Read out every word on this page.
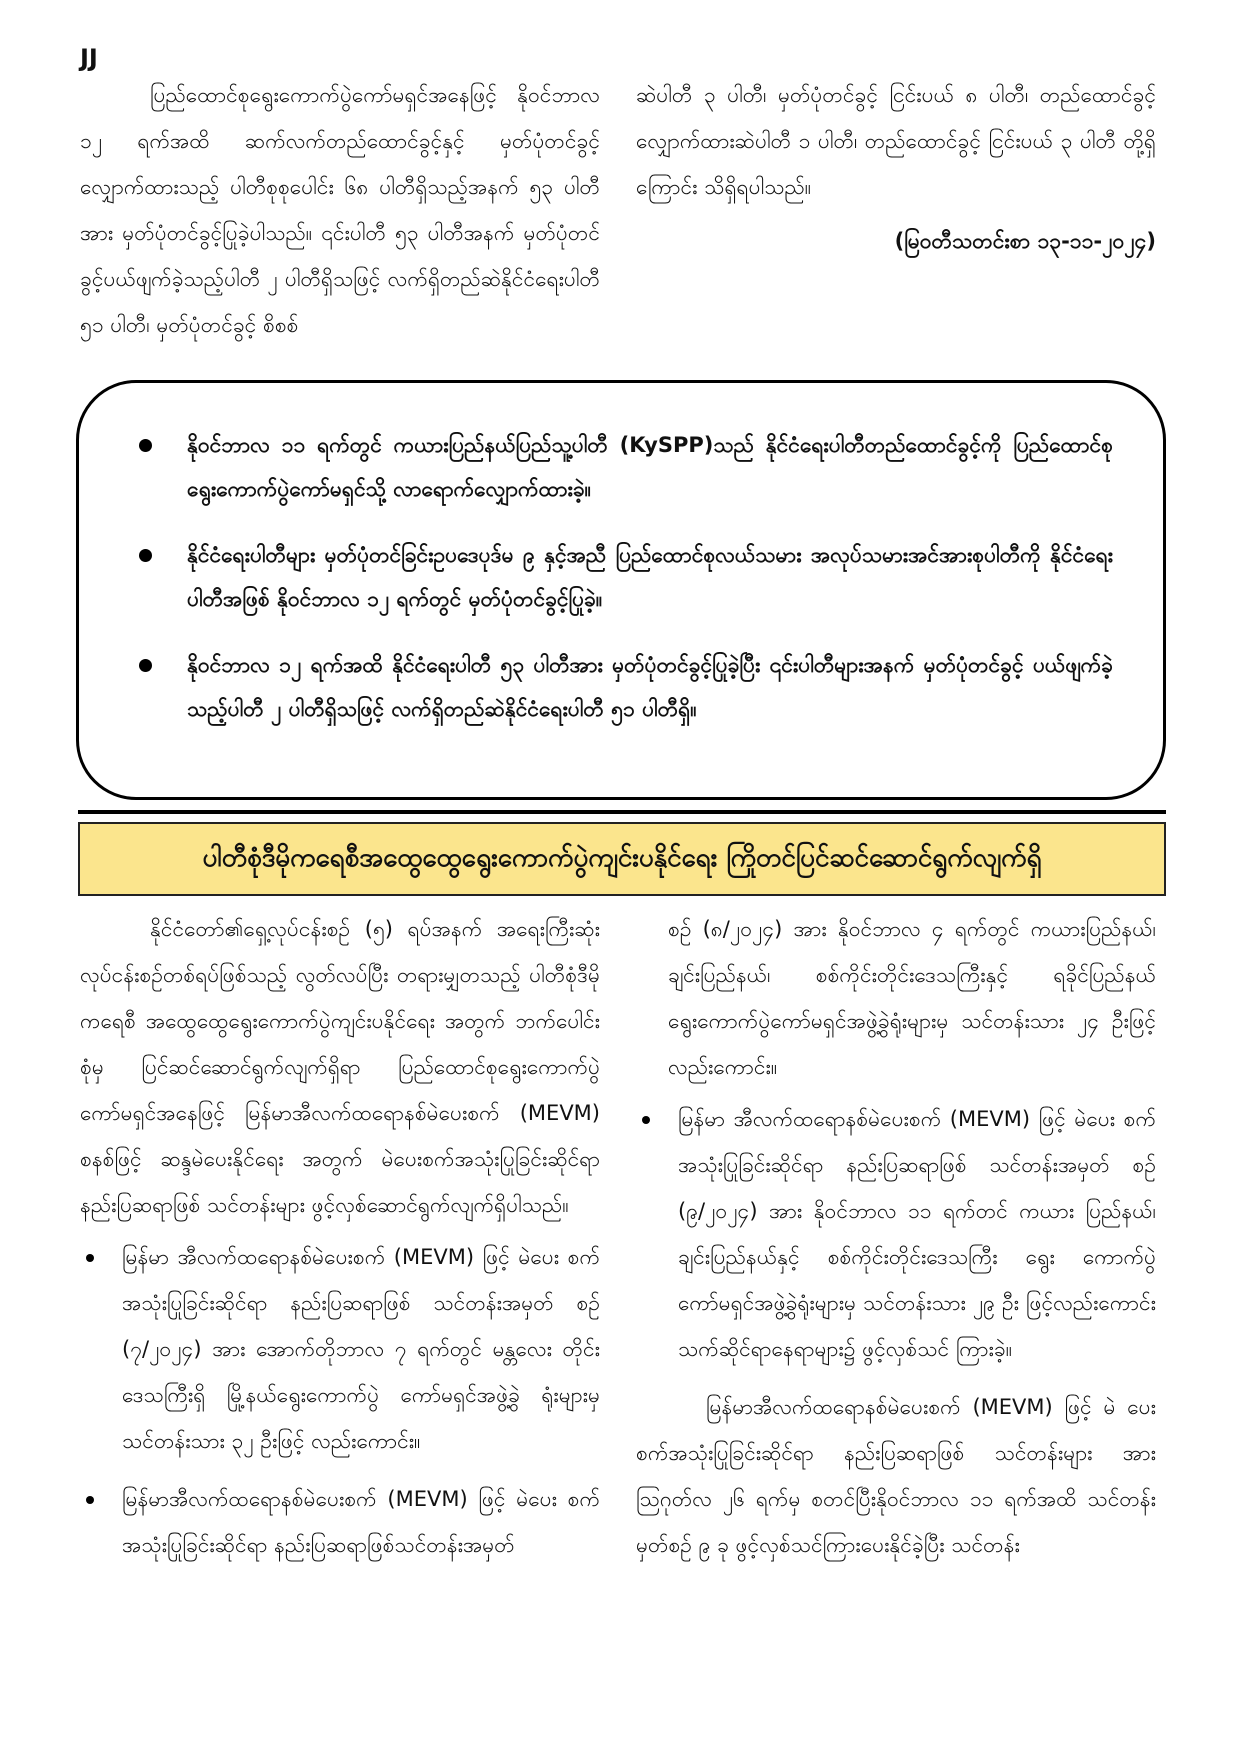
JJ

ပြည်ထောင်စုရွေးကောက်ပွဲကော်မရှင်အနေဖြင့် နိုဝင်ဘာလ ၁၂ ရက်အထိ ဆက်လက်တည်ထောင်ခွင့်နှင့် မှတ်ပုံတင်ခွင့် လျှောက်ထားသည့် ပါတီစုစုပေါင်း ၆၈ ပါတီရှိသည့်အနက် ၅၃ ပါတီအား မှတ်ပုံတင်ခွင့်ပြုခဲ့ပါသည်။ ၎င်းပါတီ ၅၃ ပါတီအနက် မှတ်ပုံတင်ခွင့်ပယ်ဖျက်ခဲ့သည့်ပါတီ ၂ ပါတီရှိသဖြင့် လက်ရှိတည်ဆဲနိုင်ငံရေးပါတီ ၅၁ ပါတီ၊ မှတ်ပုံတင်ခွင့် စိစစ်

ဆဲပါတီ ၃ ပါတီ၊ မှတ်ပုံတင်ခွင့် ငြင်းပယ် ၈ ပါတီ၊ တည်ထောင်ခွင့် လျှောက်ထားဆဲပါတီ ၁ ပါတီ၊ တည်ထောင်ခွင့် ငြင်းပယ် ၃ ပါတီ တို့ရှိကြောင်း သိရှိရပါသည်။

(မြဝတီသတင်းစာ ၁၃-၁၁-၂၀၂၄)

နိုဝင်ဘာလ ၁၁ ရက်တွင် ကယားပြည်နယ်ပြည်သူ့ပါတီ (KySPP)သည် နိုင်ငံရေးပါတီတည်ထောင်ခွင့်ကို ပြည်ထောင်စုရွေးကောက်ပွဲကော်မရှင်သို့ လာရောက်လျှောက်ထားခဲ့။
နိုင်ငံရေးပါတီများ မှတ်ပုံတင်ခြင်းဥပဒေပုဒ်မ ၉ နှင့်အညီ ပြည်ထောင်စုလယ်သမား အလုပ်သမားအင်အားစုပါတီကို နိုင်ငံရေးပါတီအဖြစ် နိုဝင်ဘာလ ၁၂ ရက်တွင် မှတ်ပုံတင်ခွင့်ပြုခဲ့။
နိုဝင်ဘာလ ၁၂ ရက်အထိ နိုင်ငံရေးပါတီ ၅၃ ပါတီအား မှတ်ပုံတင်ခွင့်ပြုခဲ့ပြီး ၎င်းပါတီများအနက် မှတ်ပုံတင်ခွင့် ပယ်ဖျက်ခဲ့သည့်ပါတီ ၂ ပါတီရှိသဖြင့် လက်ရှိတည်ဆဲနိုင်ငံရေးပါတီ ၅၁ ပါတီရှိ။
ပါတီစုံဒီမိုကရေစီအထွေထွေရွေးကောက်ပွဲကျင်းပနိုင်ရေး ကြိုတင်ပြင်ဆင်ဆောင်ရွက်လျက်ရှိ

နိုင်ငံတော်၏ရှေ့လုပ်ငန်းစဉ် (၅) ရပ်အနက် အရေးကြီးဆုံး လုပ်ငန်းစဉ်တစ်ရပ်ဖြစ်သည့် လွတ်လပ်ပြီး တရားမျှတသည့် ပါတီစုံဒီမိုကရေစီ အထွေထွေရွေးကောက်ပွဲကျင်းပနိုင်ရေး အတွက် ဘက်ပေါင်းစုံမှ ပြင်ဆင်ဆောင်ရွက်လျက်ရှိရာ ပြည်ထောင်စုရွေးကောက်ပွဲကော်မရှင်အနေဖြင့် မြန်မာအီလက်ထရောနစ်မဲပေးစက် (MEVM) စနစ်ဖြင့် ဆန္ဒမဲပေးနိုင်ရေး အတွက် မဲပေးစက်အသုံးပြုခြင်းဆိုင်ရာ နည်းပြဆရာဖြစ် သင်တန်းများ ဖွင့်လှစ်ဆောင်ရွက်လျက်ရှိပါသည်။

မြန်မာ အီလက်ထရောနစ်မဲပေးစက် (MEVM) ဖြင့် မဲပေး စက်အသုံးပြုခြင်းဆိုင်ရာ နည်းပြဆရာဖြစ် သင်တန်းအမှတ် စဉ် (၇/၂၀၂၄) အား အောက်တိုဘာလ ၇ ရက်တွင် မန္တလေး တိုင်းဒေသကြီးရှိ မြို့နယ်ရွေးကောက်ပွဲ ကော်မရှင်အဖွဲ့ခွဲ ရုံးများမှ သင်တန်းသား ၃၂ ဦးဖြင့် လည်းကောင်း။
မြန်မာအီလက်ထရောနစ်မဲပေးစက် (MEVM) ဖြင့် မဲပေး စက်အသုံးပြုခြင်းဆိုင်ရာ နည်းပြဆရာဖြစ်သင်တန်းအမှတ်

စဉ် (၈/၂၀၂၄) အား နိုဝင်ဘာလ ၄ ရက်တွင် ကယားပြည်နယ်၊ ချင်းပြည်နယ်၊ စစ်ကိုင်းတိုင်းဒေသကြီးနှင့် ရခိုင်ပြည်နယ်ရွေးကောက်ပွဲကော်မရှင်အဖွဲ့ခွဲရုံးများမှ သင်တန်းသား ၂၄ ဦးဖြင့်လည်းကောင်း။

မြန်မာ အီလက်ထရောနစ်မဲပေးစက် (MEVM) ဖြင့် မဲပေး စက်အသုံးပြုခြင်းဆိုင်ရာ နည်းပြဆရာဖြစ် သင်တန်းအမှတ် စဉ် (၉/၂၀၂၄) အား နိုဝင်ဘာလ ၁၁ ရက်တင် ကယား ပြည်နယ်၊ ချင်းပြည်နယ်နှင့် စစ်ကိုင်းတိုင်းဒေသကြီး ရွေး ကောက်ပွဲကော်မရှင်အဖွဲ့ခွဲရုံးများမှ သင်တန်းသား ၂၉ ဦး ဖြင့်လည်းကောင်း သက်ဆိုင်ရာနေရာများ၌ ဖွင့်လှစ်သင် ကြားခဲ့။

မြန်မာအီလက်ထရောနစ်မဲပေးစက် (MEVM) ဖြင့် မဲ ပေးစက်အသုံးပြုခြင်းဆိုင်ရာ နည်းပြဆရာဖြစ် သင်တန်းများ အား ဩဂုတ်လ ၂၆ ရက်မှ စတင်ပြီးနိုဝင်ဘာလ ၁၁ ရက်အထိ သင်တန်းမှတ်စဉ် ၉ ခု ဖွင့်လှစ်သင်ကြားပေးနိုင်ခဲ့ပြီး သင်တန်း
